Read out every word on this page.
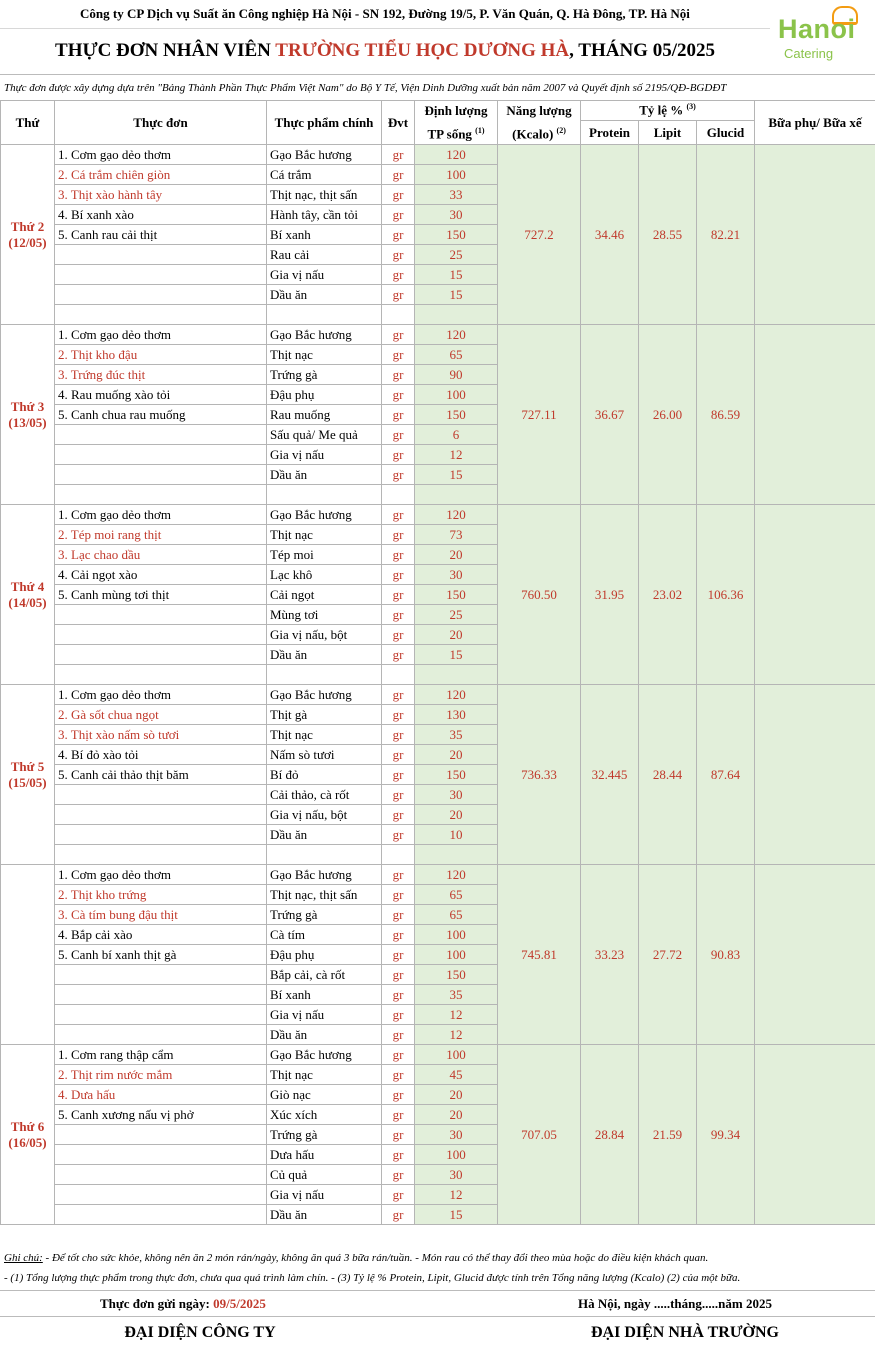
Công ty CP Dịch vụ Suất ăn Công nghiệp Hà Nội - SN 192, Đường 19/5, P. Văn Quán, Q. Hà Đông, TP. Hà Nội
THỰC ĐƠN NHÂN VIÊN TRƯỜNG TIỂU HỌC DƯƠNG HÀ, THÁNG 05/2025
Hanoi
Catering
Thực đơn được xây dựng dựa trên "Bảng Thành Phần Thực Phẩm Việt Nam" do Bộ Y Tế, Viện Dinh Dưỡng xuất bản năm 2007 và Quyết định số 2195/QĐ-BGDĐT
Thứ	Thực đơn	Thực phẩm chính	Đvt	Định lượng TP sống $^{(1)}$	Năng lượng (Kcalo) $^{(2)}$	Tỷ lệ % $^{(3)}$			Bữa phụ/ Bữa xế
						Protein	Lipit	Glucid	

Thứ 2
(12/05)	1. Cơm gạo dẻo thơm	Gạo Bắc hương	gr	120	727.2	34.46	28.55	82.21	
	2. Cá trắm chiên giòn	Cá trắm	gr	100					
	3. Thịt xào hành tây	Thịt nạc, thịt sấn	gr	33					
	4. Bí xanh xào	Hành tây, cần tỏi	gr	30					
	5. Canh rau cải thịt	Bí xanh	gr	150					
		Rau cải	gr	25					
		Gia vị nấu	gr	15					
		Dầu ăn	gr	15					

Thứ 3
(13/05)	1. Cơm gạo dẻo thơm	Gạo Bắc hương	gr	120	727.11	36.67	26.00	86.59	
	2. Thịt kho đậu	Thịt nạc	gr	65					
	3. Trứng đúc thịt	Trứng gà	gr	90					
	4. Rau muống xào tỏi	Đậu phụ	gr	100					
	5. Canh chua rau muống	Rau muống	gr	150					
		Sấu quả/ Me quả	gr	6					
		Gia vị nấu	gr	12					
		Dầu ăn	gr	15					

Thứ 4
(14/05)	1. Cơm gạo dẻo thơm	Gạo Bắc hương	gr	120	760.50	31.95	23.02	106.36	
	2. Tép moi rang thịt	Thịt nạc	gr	73					
	3. Lạc chao dầu	Tép moi	gr	20					
	4. Cải ngọt xào	Lạc khô	gr	30					
	5. Canh mùng tơi thịt	Cải ngọt	gr	150					
		Mùng tơi	gr	25					
		Gia vị nấu, bột	gr	20					
		Dầu ăn	gr	15					

Thứ 5
(15/05)	1. Cơm gạo dẻo thơm	Gạo Bắc hương	gr	120	736.33	32.445	28.44	87.64	
	2. Gà sốt chua ngọt	Thịt gà	gr	130					
	3. Thịt xào nấm sò tươi	Thịt nạc	gr	35					
	4. Bí đỏ xào tỏi	Nấm sò tươi	gr	20					
	5. Canh cải thảo thịt băm	Bí đỏ	gr	150					
		Cải thảo, cà rốt	gr	30					
		Gia vị nấu, bột	gr	20					
		Dầu ăn	gr	10					

	1. Cơm gạo dẻo thơm	Gạo Bắc hương	gr	120	745.81	33.23	27.72	90.83	
	2. Thịt kho trứng	Thịt nạc, thịt sấn	gr	65					
	3. Cà tím bung đậu thịt	Trứng gà	gr	65					
	4. Bắp cải xào	Cà tím	gr	100					
	5. Canh bí xanh thịt gà	Đậu phụ	gr	100					
		Bắp cải, cà rốt	gr	150					
		Bí xanh	gr	35					
		Gia vị nấu	gr	12					
		Dầu ăn	gr	12					

Thứ 6
(16/05)	1. Cơm rang thập cẩm	Gạo Bắc hương	gr	100	707.05	28.84	21.59	99.34	
	2. Thịt rim nước mắm	Thịt nạc	gr	45					
	4. Dưa hấu	Giò nạc	gr	20					
	5. Canh xương nấu vị phở	Xúc xích	gr	20					
		Trứng gà	gr	30					
		Dưa hấu	gr	100					
		Củ quả	gr	30					
		Gia vị nấu	gr	12					
		Dầu ăn	gr	15					
Ghi chú: - Để tốt cho sức khỏe, không nên ăn 2 món rán/ngày, không ăn quá 3 bữa rán/tuần. - Món rau có thể thay đổi theo mùa hoặc do điều kiện khách quan.
- (1) Tổng lượng thực phẩm trong thực đơn, chưa qua quá trình làm chín. - (3) Tỷ lệ % Protein, Lipit, Glucid được tính trên Tổng năng lượng (Kcalo) (2) của một bữa.
Thực đơn gửi ngày: 09/5/2025	Hà Nội, ngày .....tháng.....năm 2025
ĐẠI DIỆN CÔNG TY	ĐẠI DIỆN NHÀ TRƯỜNG
